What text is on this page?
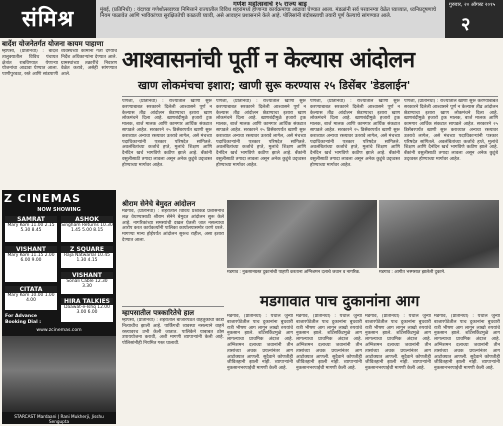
संमिश्र
गणेश महोत्सवाचे १५ राज्य बाइ
मुंबई, (प्रतिनिधी) : यंदाच्या गणेशोत्सवाच्या निमित्ताने राज्यातील विविध शहरांमध्ये होणाऱ्या कार्यक्रमांचा आढावा घेण्यात आला. मंडळांनी सर्व परवानग्या वेळेत घ्याव्यात, ध्वनिप्रदूषणाचे नियम पाळावेत आणि भाविकांच्या सुरक्षिततेची काळजी घ्यावी, असे आवाहन प्रशासनाने केले आहे. पोलिसांनी बंदोबस्ताची तयारी पूर्ण केल्याचे सांगण्यात आले.
गुरुवार, २० ऑगस्ट २०१५
२
आश्वासनांची पूर्ती न केल्यास आंदोलन
खाण लोकमंचचा इशारा; खाणी सुरू करण्यास २५ डिसेंबर 'डेडलाईन'
पणजी, (प्रतिनिधी) : राज्यातील खाणी सुरू करण्याबाबत सरकारने दिलेली आश्वासने पूर्ण न केल्यास तीव्र आंदोलन छेडण्याचा इशारा खाण लोकमंचने दिला आहे. खाणबंदीमुळे हजारो ट्रक मालक, बार्ज मालक आणि कामगार आर्थिक संकटात सापडले आहेत. सरकारने २५ डिसेंबरपर्यंत खाणी सुरू कराव्यात अन्यथा रस्त्यावर उतरावे लागेल, असे मंचच्या पदाधिकाऱ्यांनी पत्रकार परिषदेत सांगितले. अवलंबितांच्या कर्जाचे हप्ते, मुलांचे शिक्षण आणि दैनंदिन खर्च भागविणे कठीण झाले आहे. बँकांनी वसुलीसाठी तगादा लावला असून अनेक कुटुंबे उद्ध्वस्त होण्याच्या मार्गावर आहेत.
पणजी, (प्रतिनिधी) : राज्यातील खाणी सुरू करण्याबाबत सरकारने दिलेली आश्वासने पूर्ण न केल्यास तीव्र आंदोलन छेडण्याचा इशारा खाण लोकमंचने दिला आहे. खाणबंदीमुळे हजारो ट्रक मालक, बार्ज मालक आणि कामगार आर्थिक संकटात सापडले आहेत. सरकारने २५ डिसेंबरपर्यंत खाणी सुरू कराव्यात अन्यथा रस्त्यावर उतरावे लागेल, असे मंचच्या पदाधिकाऱ्यांनी पत्रकार परिषदेत सांगितले. अवलंबितांच्या कर्जाचे हप्ते, मुलांचे शिक्षण आणि दैनंदिन खर्च भागविणे कठीण झाले आहे. बँकांनी वसुलीसाठी तगादा लावला असून अनेक कुटुंबे उद्ध्वस्त होण्याच्या मार्गावर आहेत.
पणजी, (प्रतिनिधी) : राज्यातील खाणी सुरू करण्याबाबत सरकारने दिलेली आश्वासने पूर्ण न केल्यास तीव्र आंदोलन छेडण्याचा इशारा खाण लोकमंचने दिला आहे. खाणबंदीमुळे हजारो ट्रक मालक, बार्ज मालक आणि कामगार आर्थिक संकटात सापडले आहेत. सरकारने २५ डिसेंबरपर्यंत खाणी सुरू कराव्यात अन्यथा रस्त्यावर उतरावे लागेल, असे मंचच्या पदाधिकाऱ्यांनी पत्रकार परिषदेत सांगितले. अवलंबितांच्या कर्जाचे हप्ते, मुलांचे शिक्षण आणि दैनंदिन खर्च भागविणे कठीण झाले आहे. बँकांनी वसुलीसाठी तगादा लावला असून अनेक कुटुंबे उद्ध्वस्त होण्याच्या मार्गावर आहेत.
पणजी, (प्रतिनिधी) : राज्यातील खाणी सुरू करण्याबाबत सरकारने दिलेली आश्वासने पूर्ण न केल्यास तीव्र आंदोलन छेडण्याचा इशारा खाण लोकमंचने दिला आहे. खाणबंदीमुळे हजारो ट्रक मालक, बार्ज मालक आणि कामगार आर्थिक संकटात सापडले आहेत. सरकारने २५ डिसेंबरपर्यंत खाणी सुरू कराव्यात अन्यथा रस्त्यावर उतरावे लागेल, असे मंचच्या पदाधिकाऱ्यांनी पत्रकार परिषदेत सांगितले. अवलंबितांच्या कर्जाचे हप्ते, मुलांचे शिक्षण आणि दैनंदिन खर्च भागविणे कठीण झाले आहे. बँकांनी वसुलीसाठी तगादा लावला असून अनेक कुटुंबे उद्ध्वस्त होण्याच्या मार्गावर आहेत.
बार्देश योजनेतर्गत योजना कायम पाहाणा
म्हापसा, (प्रतिनिधी) : बार्देश तालुक्यातील विविध पंचायत क्षेत्रांत राबविण्यात येणाऱ्या योजनांचा आढावा घेण्यात आला. पाणीपुरवठा, रस्ते आणि सांडपाणी व्यवस्थेच्या कामांना गती देण्याचे निर्देश अधिकाऱ्यांना देण्यात आले. ग्रामस्थांच्या तक्रारींचे निवारण वेळेत करावे, असेही सांगण्यात आले.
Z CINEMAS
NOW SHOWING
SAMRAT
Mary Kom 11.00 2.15 5.30 8.45
ASHOK
Singham Returns 10.30 1.45 5.00 8.15
Z SQUARE
Raja Natwarlal 10.45 1.30 4.15
VISHANT
Mary Kom 11.15 2.00 6.00 9.00
VISHANT
Sonali Cable 12.30 3.30
CITATA
Mary Kom 10.00 1.00 4.00	HIRA TALKIES
Daawat-e-Ishq 12.00 3.00 6.00
For Advance Booking Dial :
www.zcinemas.com
STARCAST Mardaani | Rani Mukherji, Jisshu Sengupta
श्रीराम सेनेचे बेमुदत आंदोलन
मडगाव, (प्रतिनिधी) : शहरातील विविध प्रश्नांकडे प्रशासनाचे लक्ष वेधण्यासाठी श्रीराम सेनेने बेमुदत आंदोलन सुरू केले आहे. नागरिकांच्या समस्यांची दखल घेतली जात नसल्याचा आरोप करत कार्यकर्त्यांनी पालिका कार्यालयासमोर धरणे धरले. मागण्या मान्य होईपर्यंत आंदोलन सुरूच राहील, असा इशारा देण्यात आला.
म्हापसातील पत्रकारितेचे हाल
म्हापसा, (प्रतिनिधी) : शहरातील बाजारपेठेत वाहतुकीची कोंडी नित्याचीच झाली आहे. पार्किंगची व्यवस्था नसल्याने वाहने रस्त्यावरच उभी केली जातात. पालिकेने याबाबत ठोस उपाययोजना करावी, अशी मागणी व्यापाऱ्यांनी केली आहे. पोलिसांनीही नियमित गस्त घालावी.
मडगाव : नुकसानग्रस्त दुकानांची पाहणी करताना अग्निशमन दलाचे जवान व नागरिक.	मडगाव : आगीत भस्मसात झालेली दुकाने.
मडगावात पाच दुकानांना आग
मडगाव, (प्रतिनिधी) : येथील जुन्या बाजारपेठेतील पाच दुकानांना बुधवारी रात्री भीषण आग लागून लाखो रुपयांचे नुकसान झाले. शॉर्टसर्किटमुळे आग लागल्याचा प्राथमिक अंदाज आहे. अग्निशमन दलाच्या जवानांनी तीन तासांच्या अथक प्रयत्नांनंतर आग आटोक्यात आणली. सुदैवाने कोणतीही जीवितहानी झाली नाही. व्यापाऱ्यांनी नुकसानभरपाईची मागणी केली आहे.
मडगाव, (प्रतिनिधी) : येथील जुन्या बाजारपेठेतील पाच दुकानांना बुधवारी रात्री भीषण आग लागून लाखो रुपयांचे नुकसान झाले. शॉर्टसर्किटमुळे आग लागल्याचा प्राथमिक अंदाज आहे. अग्निशमन दलाच्या जवानांनी तीन तासांच्या अथक प्रयत्नांनंतर आग आटोक्यात आणली. सुदैवाने कोणतीही जीवितहानी झाली नाही. व्यापाऱ्यांनी नुकसानभरपाईची मागणी केली आहे.
मडगाव, (प्रतिनिधी) : येथील जुन्या बाजारपेठेतील पाच दुकानांना बुधवारी रात्री भीषण आग लागून लाखो रुपयांचे नुकसान झाले. शॉर्टसर्किटमुळे आग लागल्याचा प्राथमिक अंदाज आहे. अग्निशमन दलाच्या जवानांनी तीन तासांच्या अथक प्रयत्नांनंतर आग आटोक्यात आणली. सुदैवाने कोणतीही जीवितहानी झाली नाही. व्यापाऱ्यांनी नुकसानभरपाईची मागणी केली आहे.
मडगाव, (प्रतिनिधी) : येथील जुन्या बाजारपेठेतील पाच दुकानांना बुधवारी रात्री भीषण आग लागून लाखो रुपयांचे नुकसान झाले. शॉर्टसर्किटमुळे आग लागल्याचा प्राथमिक अंदाज आहे. अग्निशमन दलाच्या जवानांनी तीन तासांच्या अथक प्रयत्नांनंतर आग आटोक्यात आणली. सुदैवाने कोणतीही जीवितहानी झाली नाही. व्यापाऱ्यांनी नुकसानभरपाईची मागणी केली आहे.
